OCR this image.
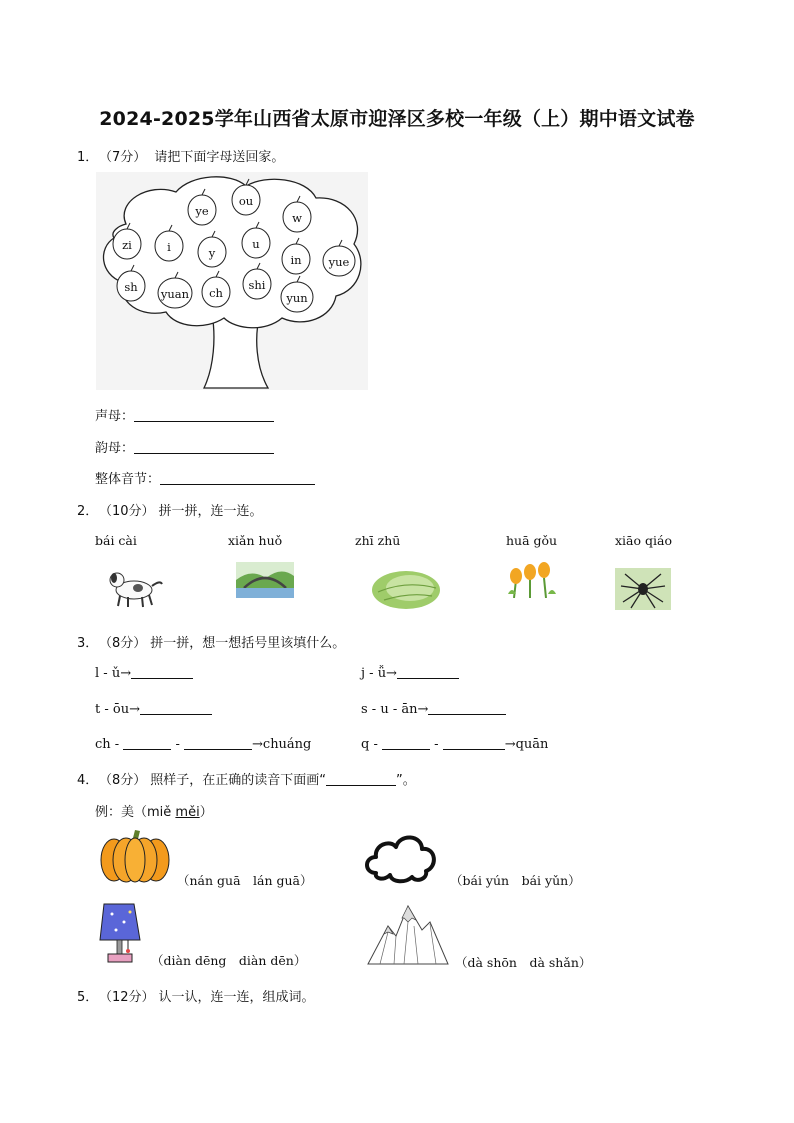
2024-2025学年山西省太原市迎泽区多校一年级（上）期中语文试卷
1．（7分） 请把下面字母送回家。
ye
ou
w
zi	i	y
u
in yue
sh yuan ch
shi
yun
声母：
韵母：
整体音节：
2．（10分） 拼一拼，连一连。
bái cài	xiǎn huǒ	zhī zhū	huā gǒu	xiāo qiáo
3．（8分） 拼一拼，想一想括号里该填什么。
l - ǔ→	j - ǚ→
t - ōu→	s - u - ān→
ch -	-	→chuáng	q -	-	→quān
4．（8分） 照样子，在正确的读音下面画“	”。
例：美（miě měi）
（nán guā　lán guā）	（bái yún　bái yǔn）
（diàn dēng　diàn dēn）	（dà shōn　dà shǎn）
5．（12分） 认一认，连一连，组成词。
